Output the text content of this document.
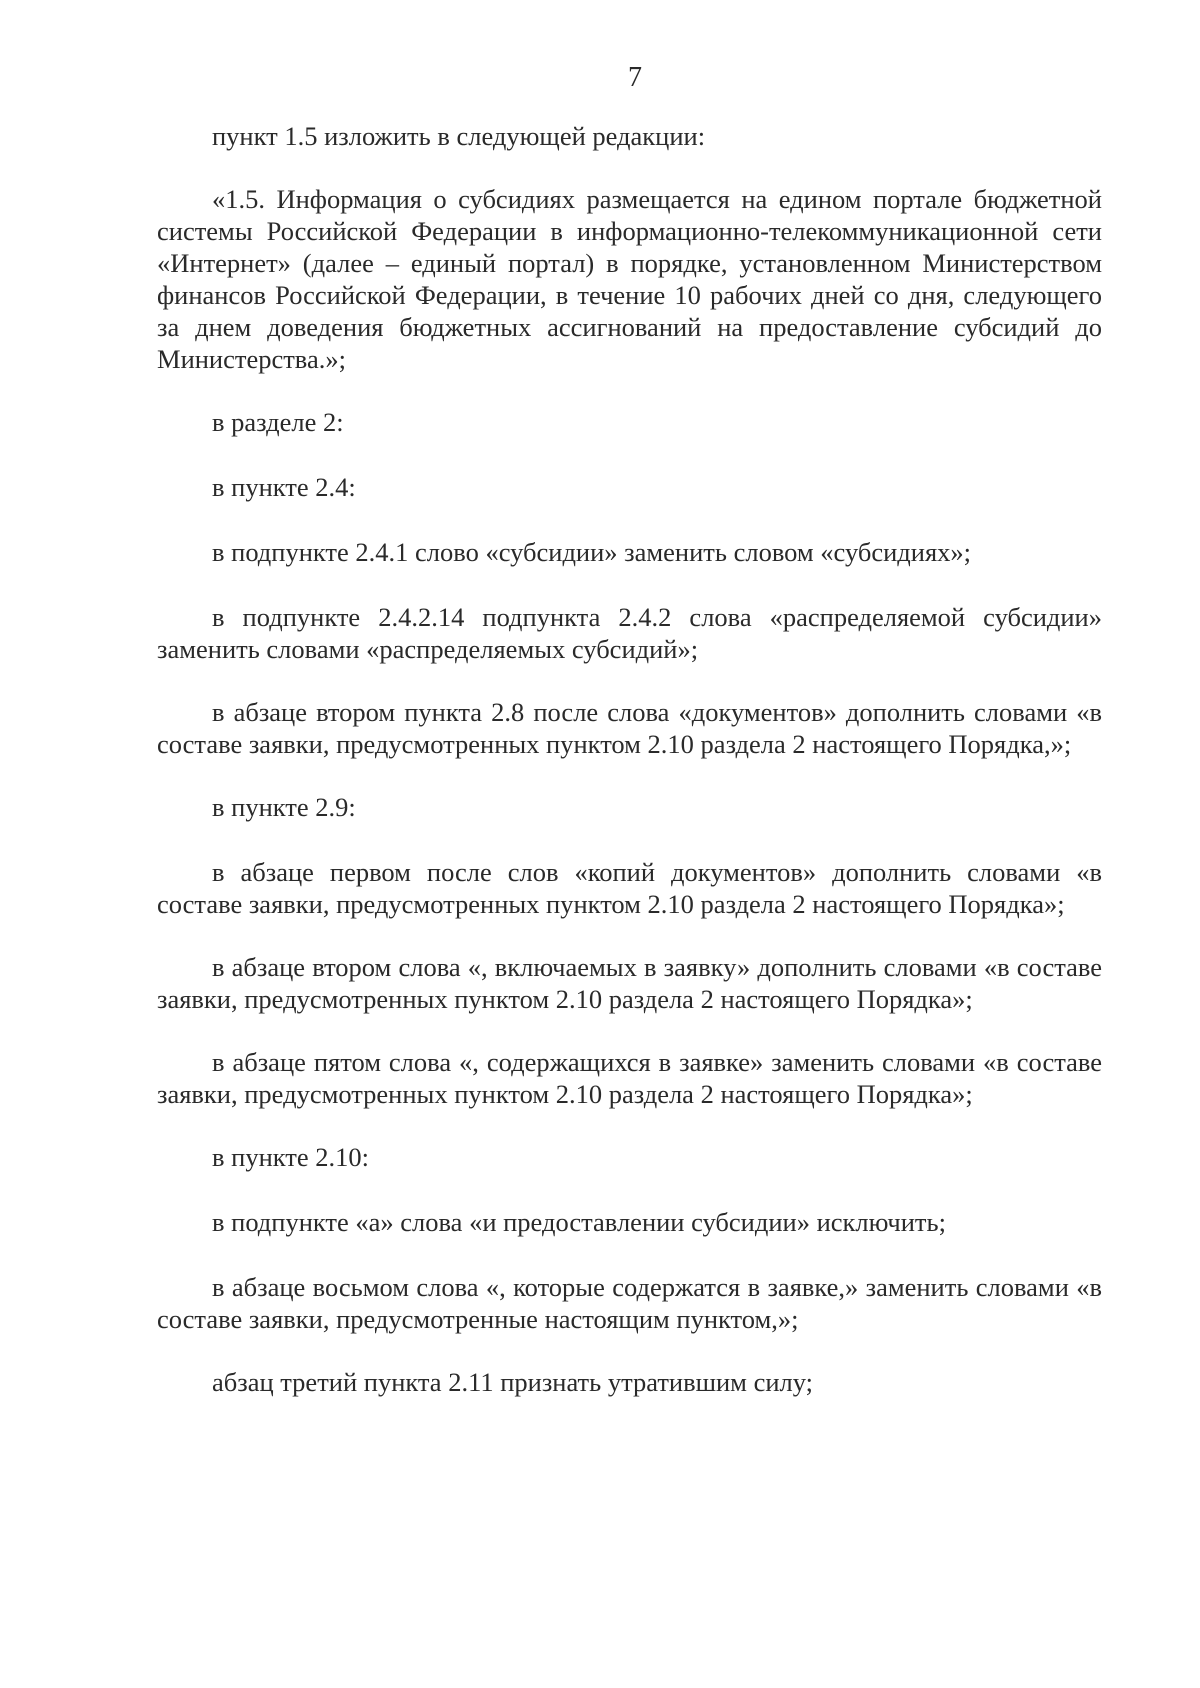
7

пункт 1.5 изложить в следующей редакции:

«1.5. Информация о субсидиях размещается на едином портале бюджетной системы Российской Федерации в информационно-телекоммуникационной сети «Интернет» (далее – единый портал) в порядке, установленном Министерством финансов Российской Федерации, в течение 10 рабочих дней со дня, следующего за днем доведения бюджетных ассигнований на предоставление субсидий до Министерства.»;

в разделе 2:

в пункте 2.4:

в подпункте 2.4.1 слово «субсидии» заменить словом «субсидиях»;

в подпункте 2.4.2.14 подпункта 2.4.2 слова «распределяемой субсидии» заменить словами «распределяемых субсидий»;

в абзаце втором пункта 2.8 после слова «документов» дополнить словами «в составе заявки, предусмотренных пунктом 2.10 раздела 2 настоящего Порядка,»;

в пункте 2.9:

в абзаце первом после слов «копий документов» дополнить словами «в составе заявки, предусмотренных пунктом 2.10 раздела 2 настоящего Порядка»;

в абзаце втором слова «, включаемых в заявку» дополнить словами «в составе заявки, предусмотренных пунктом 2.10 раздела 2 настоящего Порядка»;

в абзаце пятом слова «, содержащихся в заявке» заменить словами «в составе заявки, предусмотренных пунктом 2.10 раздела 2 настоящего Порядка»;

в пункте 2.10:

в подпункте «а» слова «и предоставлении субсидии» исключить;

в абзаце восьмом слова «, которые содержатся в заявке,» заменить словами «в составе заявки, предусмотренные настоящим пунктом,»;

абзац третий пункта 2.11 признать утратившим силу;
